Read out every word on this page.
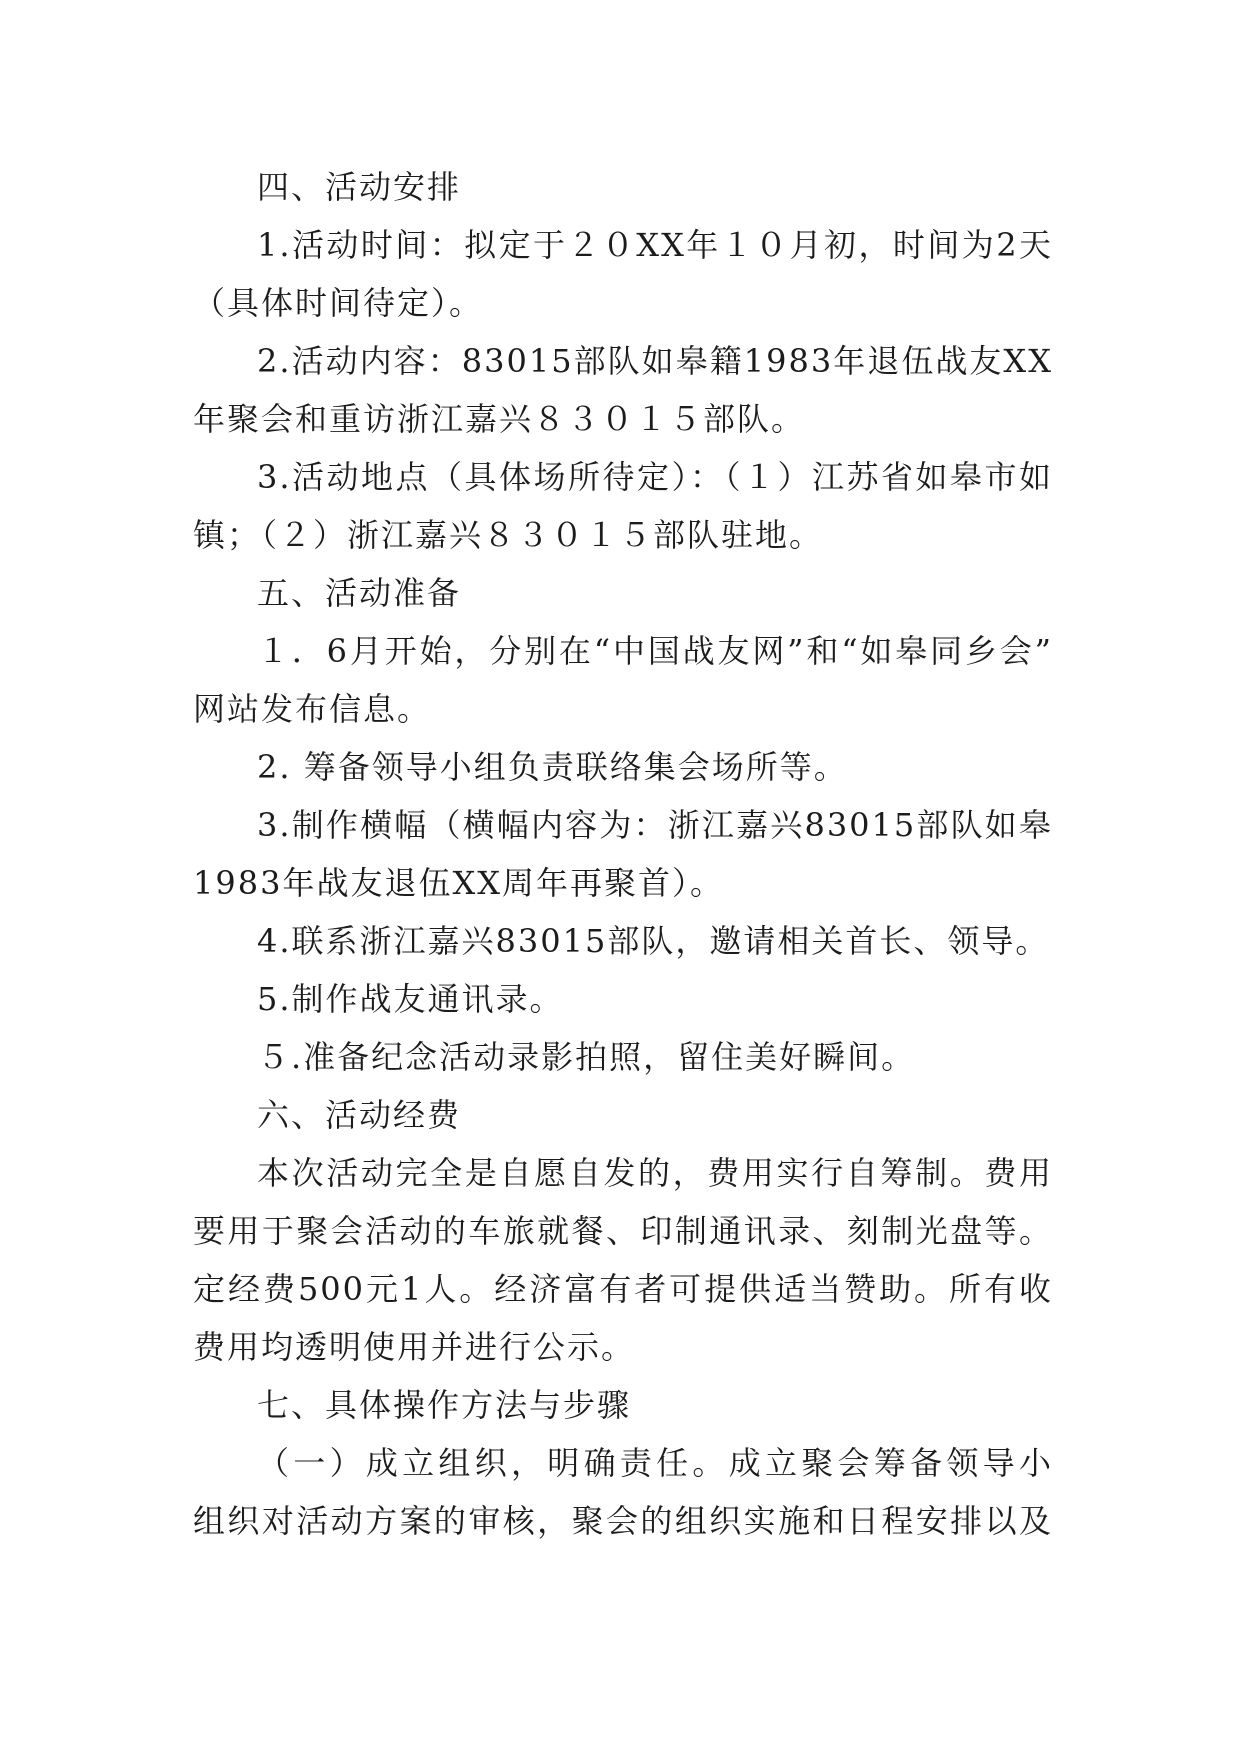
四、活动安排
1.活动时间：拟定于２０XX年１０月初，时间为2天
（具体时间待定）。
2.活动内容：83015部队如皋籍1983年退伍战友XX
年聚会和重访浙江嘉兴８３０１５部队。
3.活动地点（具体场所待定）：（１）江苏省如皋市如
镇；（２）浙江嘉兴８３０１５部队驻地。
五、活动准备
１．6月开始，分别在“中国战友网”和“如皋同乡会”
网站发布信息。
2. 筹备领导小组负责联络集会场所等。
3.制作横幅（横幅内容为：浙江嘉兴83015部队如皋
1983年战友退伍XX周年再聚首）。
4.联系浙江嘉兴83015部队，邀请相关首长、领导。
5.制作战友通讯录。
５.准备纪念活动录影拍照，留住美好瞬间。
六、活动经费
本次活动完全是自愿自发的，费用实行自筹制。费用
要用于聚会活动的车旅就餐、印制通讯录、刻制光盘等。
定经费500元1人。经济富有者可提供适当赞助。所有收
费用均透明使用并进行公示。
七、具体操作方法与步骤
（一）成立组织，明确责任。成立聚会筹备领导小
组织对活动方案的审核，聚会的组织实施和日程安排以及
